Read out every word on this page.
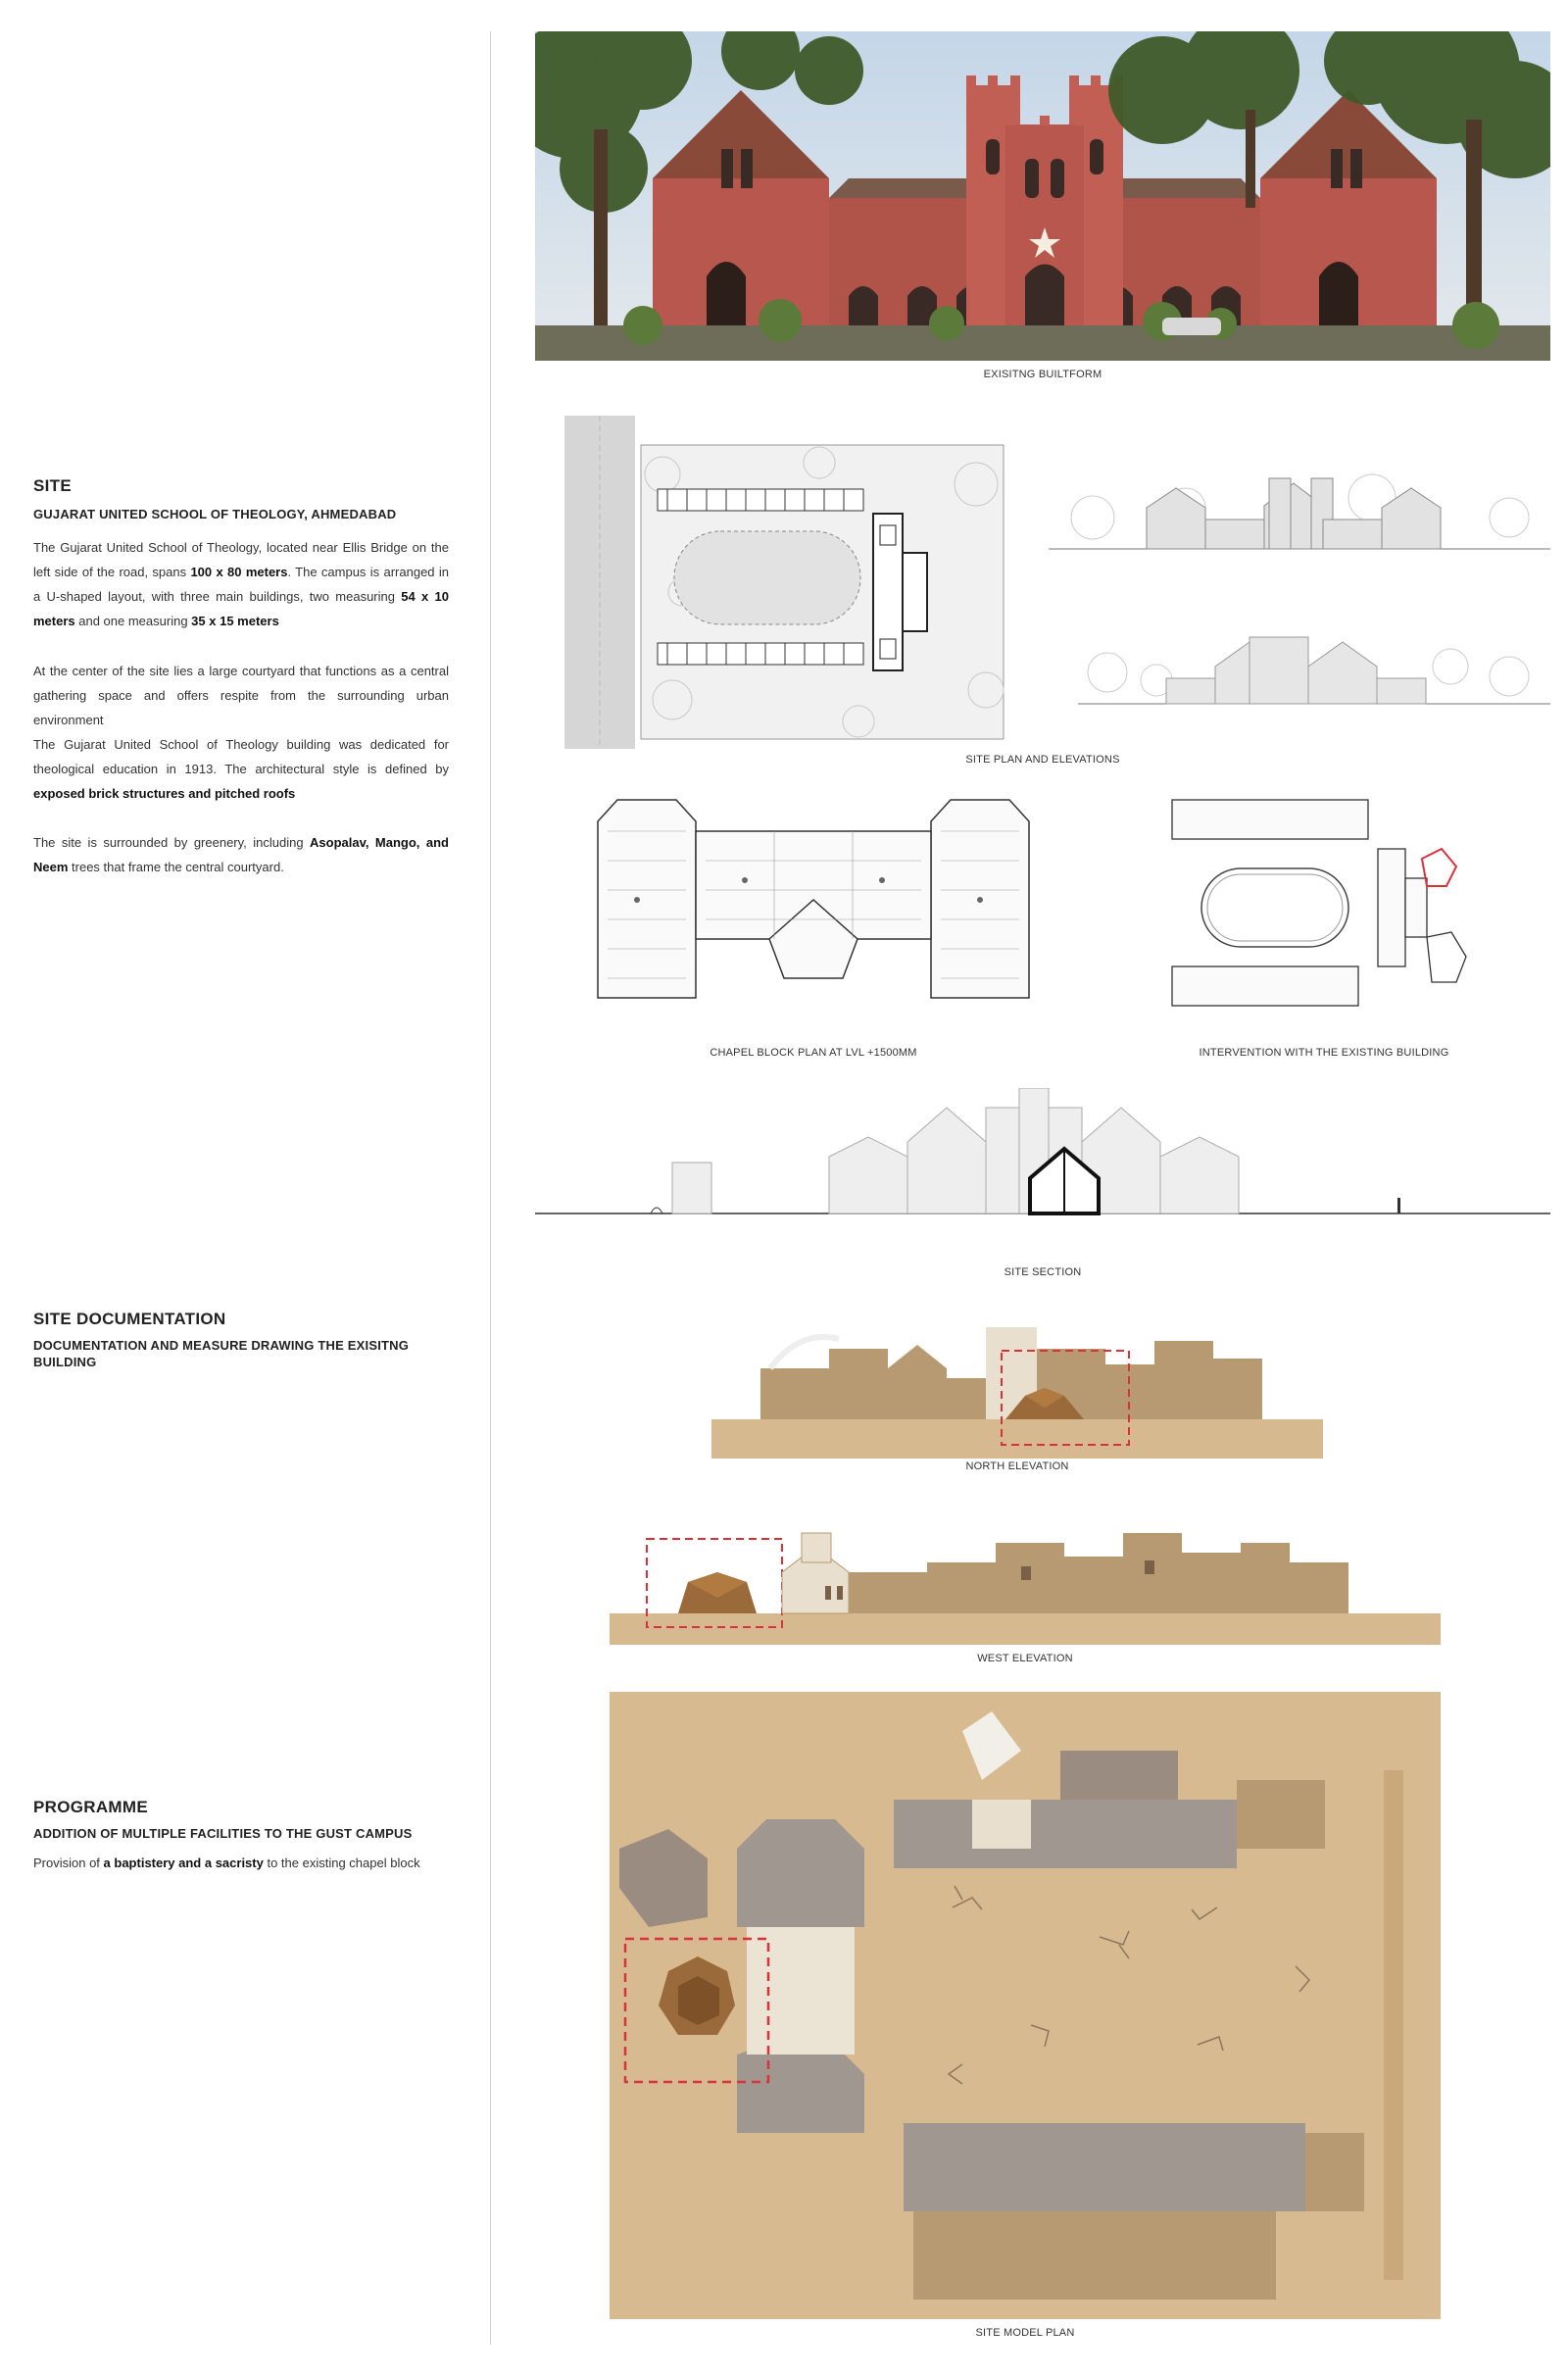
SITE
GUJARAT UNITED SCHOOL OF THEOLOGY, AHMEDABAD

The Gujarat United School of Theology, located near Ellis Bridge on the left side of the road, spans 100 x 80 meters. The campus is arranged in a U-shaped layout, with three main buildings, two measuring 54 x 10 meters and one measuring 35 x 15 meters

At the center of the site lies a large courtyard that functions as a central gathering space and offers respite from the surrounding urban environment

The Gujarat United School of Theology building was dedicated for theological education in 1913. The architectural style is defined by exposed brick structures and pitched roofs

The site is surrounded by greenery, including Asopalav, Mango, and Neem trees that frame the central courtyard.

SITE DOCUMENTATION
DOCUMENTATION AND MEASURE DRAWING THE EXISITNG BUILDING
PROGRAMME
ADDITION OF MULTIPLE FACILITIES TO THE GUST CAMPUS

Provision of a baptistery and a sacristy to the existing chapel block

EXISITNG BUILTFORM
SITE PLAN AND ELEVATIONS
CHAPEL BLOCK PLAN AT LVL +1500MM	INTERVENTION WITH THE EXISTING BUILDING
SITE SECTION
NORTH ELEVATION
WEST ELEVATION
SITE MODEL PLAN
